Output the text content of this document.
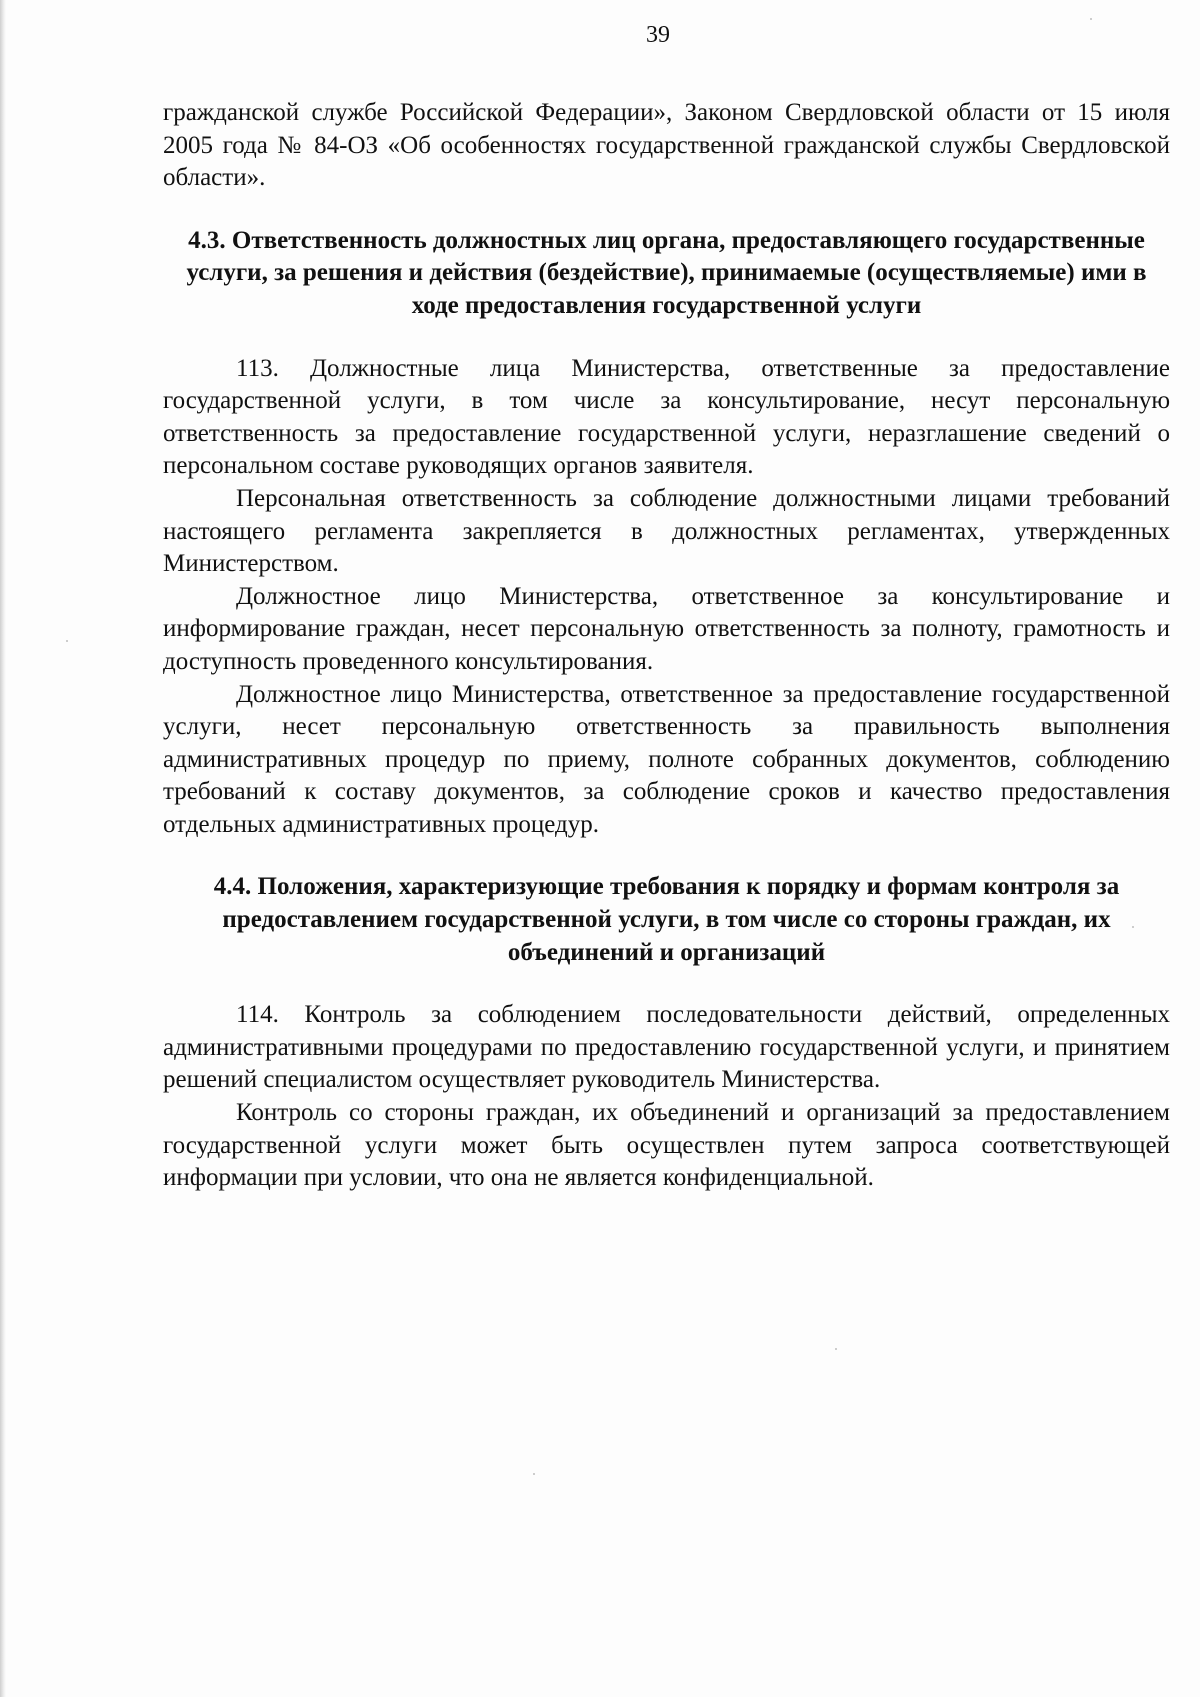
39

гражданской службе Российской Федерации», Законом Свердловской области от 15 июля 2005 года № 84-ОЗ «Об особенностях государственной гражданской службы Свердловской области».

4.3. Ответственность должностных лиц органа, предоставляющего государственные услуги, за решения и действия (бездействие), принимаемые (осуществляемые) ими в ходе предоставления государственной услуги

113. Должностные лица Министерства, ответственные за предоставление государственной услуги, в том числе за консультирование, несут персональную ответственность за предоставление государственной услуги, неразглашение сведений о персональном составе руководящих органов заявителя.

Персональная ответственность за соблюдение должностными лицами требований настоящего регламента закрепляется в должностных регламентах, утвержденных Министерством.

Должностное лицо Министерства, ответственное за консультирование и информирование граждан, несет персональную ответственность за полноту, грамотность и доступность проведенного консультирования.

Должностное лицо Министерства, ответственное за предоставление государственной услуги, несет персональную ответственность за правильность выполнения административных процедур по приему, полноте собранных документов, соблюдению требований к составу документов, за соблюдение сроков и качество предоставления отдельных административных процедур.

4.4. Положения, характеризующие требования к порядку и формам контроля за предоставлением государственной услуги, в том числе со стороны граждан, их объединений и организаций

114. Контроль за соблюдением последовательности действий, определенных административными процедурами по предоставлению государственной услуги, и принятием решений специалистом осуществляет руководитель Министерства.

Контроль со стороны граждан, их объединений и организаций за предоставлением государственной услуги может быть осуществлен путем запроса соответствующей информации при условии, что она не является конфиденциальной.
